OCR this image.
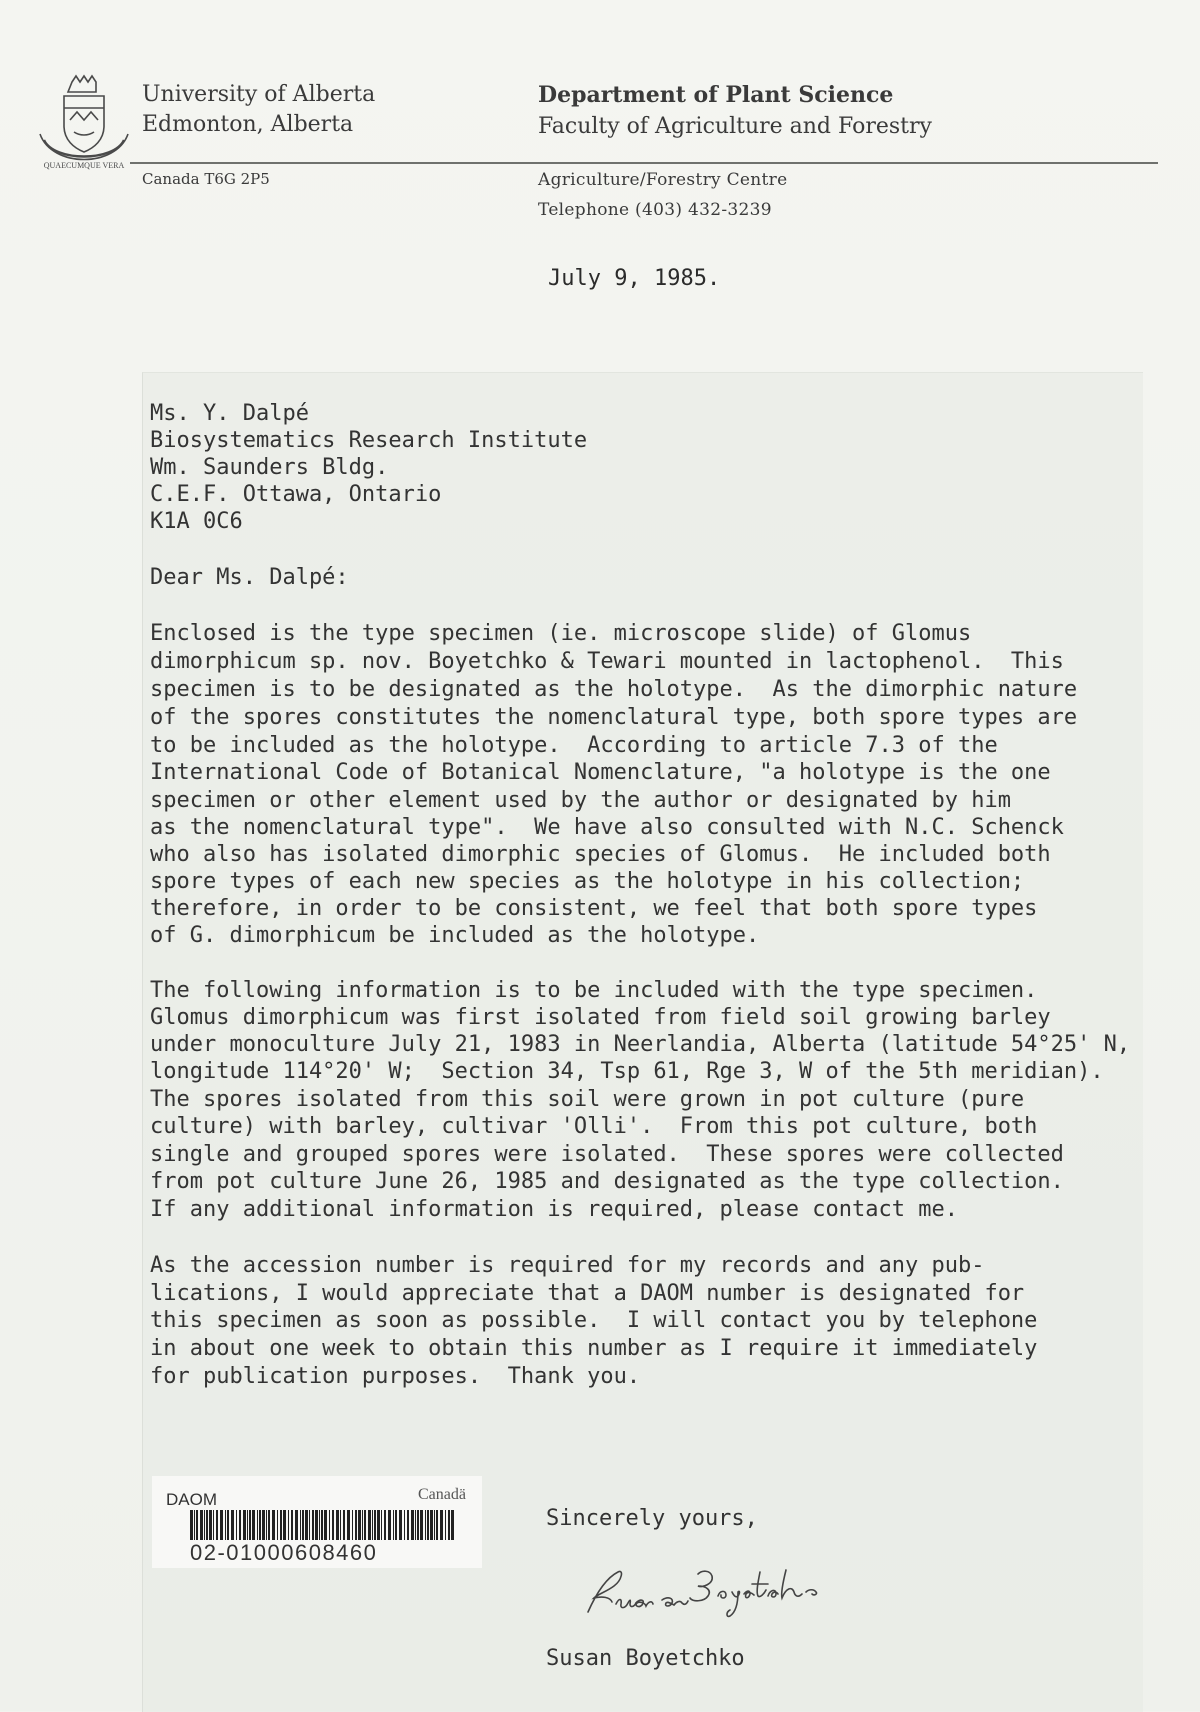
QUAECUMQUE VERA
University of Alberta
Edmonton, Alberta
Department of Plant Science
Faculty of Agriculture and Forestry
Canada T6G 2P5	Agriculture/Forestry Centre
Telephone (403) 432-3239
July 9, 1985.
Ms. Y. Dalpé
Biosystematics Research Institute
Wm. Saunders Bldg.
C.E.F. Ottawa, Ontario
K1A 0C6
Dear Ms. Dalpé:
Enclosed is the type specimen (ie. microscope slide) of Glomus
dimorphicum sp. nov. Boyetchko & Tewari mounted in lactophenol.  This
specimen is to be designated as the holotype.  As the dimorphic nature
of the spores constitutes the nomenclatural type, both spore types are
to be included as the holotype.  According to article 7.3 of the
International Code of Botanical Nomenclature, "a holotype is the one
specimen or other element used by the author or designated by him
as the nomenclatural type".  We have also consulted with N.C. Schenck
who also has isolated dimorphic species of Glomus.  He included both
spore types of each new species as the holotype in his collection;
therefore, in order to be consistent, we feel that both spore types
of G. dimorphicum be included as the holotype.
The following information is to be included with the type specimen.
Glomus dimorphicum was first isolated from field soil growing barley
under monoculture July 21, 1983 in Neerlandia, Alberta (latitude 54°25' N,
longitude 114°20' W;  Section 34, Tsp 61, Rge 3, W of the 5th meridian).
The spores isolated from this soil were grown in pot culture (pure
culture) with barley, cultivar 'Olli'.  From this pot culture, both
single and grouped spores were isolated.  These spores were collected
from pot culture June 26, 1985 and designated as the type collection.
If any additional information is required, please contact me.
As the accession number is required for my records and any pub-
lications, I would appreciate that a DAOM number is designated for
this specimen as soon as possible.  I will contact you by telephone
in about one week to obtain this number as I require it immediately
for publication purposes.  Thank you.
DAOM	Canadä
02-01000608460
Sincerely yours,
Susan Boyetchko
